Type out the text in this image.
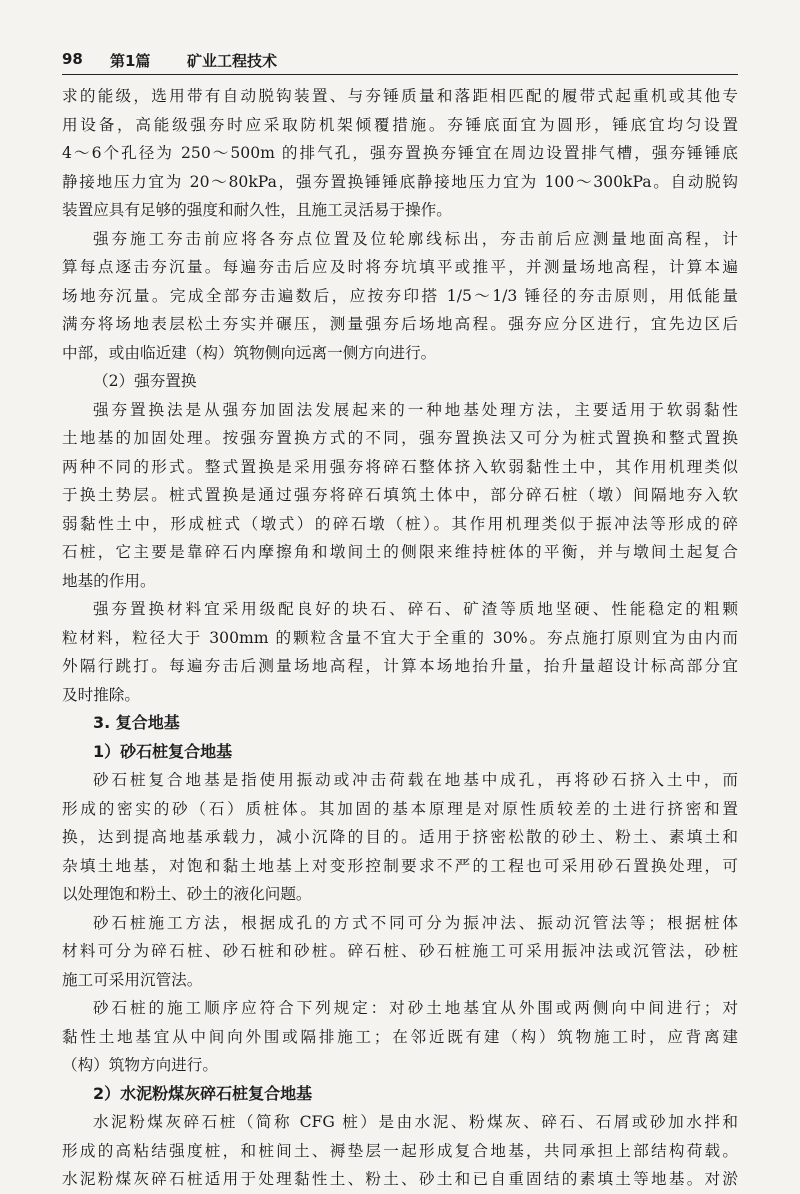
98 第1篇 矿业工程技术
求的能级，选用带有自动脱钩装置、与夯锤质量和落距相匹配的履带式起重机或其他专
用设备，高能级强夯时应采取防机架倾覆措施。夯锤底面宜为圆形，锤底宜均匀设置
4～6个孔径为 250～500m 的排气孔，强夯置换夯锤宜在周边设置排气槽，强夯锤锤底
静接地压力宜为 20～80kPa，强夯置换锤锤底静接地压力宜为 100～300kPa。自动脱钩
装置应具有足够的强度和耐久性，且施工灵活易于操作。
强夯施工夯击前应将各夯点位置及位轮廓线标出，夯击前后应测量地面高程，计
算每点逐击夯沉量。每遍夯击后应及时将夯坑填平或推平，并测量场地高程，计算本遍
场地夯沉量。完成全部夯击遍数后，应按夯印搭 1/5～1/3 锤径的夯击原则，用低能量
满夯将场地表层松土夯实并碾压，测量强夯后场地高程。强夯应分区进行，宜先边区后
中部，或由临近建（构）筑物侧向远离一侧方向进行。
（2）强夯置换
强夯置换法是从强夯加固法发展起来的一种地基处理方法，主要适用于软弱黏性
土地基的加固处理。按强夯置换方式的不同，强夯置换法又可分为桩式置换和整式置换
两种不同的形式。整式置换是采用强夯将碎石整体挤入软弱黏性土中，其作用机理类似
于换土势层。桩式置换是通过强夯将碎石填筑土体中，部分碎石桩（墩）间隔地夯入软
弱黏性土中，形成桩式（墩式）的碎石墩（桩）。其作用机理类似于振冲法等形成的碎
石桩，它主要是靠碎石内摩擦角和墩间土的侧限来维持桩体的平衡，并与墩间土起复合
地基的作用。
强夯置换材料宜采用级配良好的块石、碎石、矿渣等质地坚硬、性能稳定的粗颗
粒材料，粒径大于 300mm 的颗粒含量不宜大于全重的 30%。夯点施打原则宜为由内而
外隔行跳打。每遍夯击后测量场地高程，计算本场地抬升量，抬升量超设计标高部分宜
及时推除。
3. 复合地基
1）砂石桩复合地基
砂石桩复合地基是指使用振动或冲击荷载在地基中成孔，再将砂石挤入土中，而
形成的密实的砂（石）质桩体。其加固的基本原理是对原性质较差的土进行挤密和置
换，达到提高地基承载力，减小沉降的目的。适用于挤密松散的砂土、粉土、素填土和
杂填土地基，对饱和黏土地基上对变形控制要求不严的工程也可采用砂石置换处理，可
以处理饱和粉土、砂土的液化问题。
砂石桩施工方法，根据成孔的方式不同可分为振冲法、振动沉管法等；根据桩体
材料可分为碎石桩、砂石桩和砂桩。碎石桩、砂石桩施工可采用振冲法或沉管法，砂桩
施工可采用沉管法。
砂石桩的施工顺序应符合下列规定：对砂土地基宜从外围或两侧向中间进行；对
黏性土地基宜从中间向外围或隔排施工；在邻近既有建（构）筑物施工时，应背离建
（构）筑物方向进行。
2）水泥粉煤灰碎石桩复合地基
水泥粉煤灰碎石桩（简称 CFG 桩）是由水泥、粉煤灰、碎石、石屑或砂加水拌和
形成的高粘结强度桩，和桩间土、褥垫层一起形成复合地基，共同承担上部结构荷载。
水泥粉煤灰碎石桩适用于处理黏性土、粉土、砂土和已自重固结的素填土等地基。对淤
